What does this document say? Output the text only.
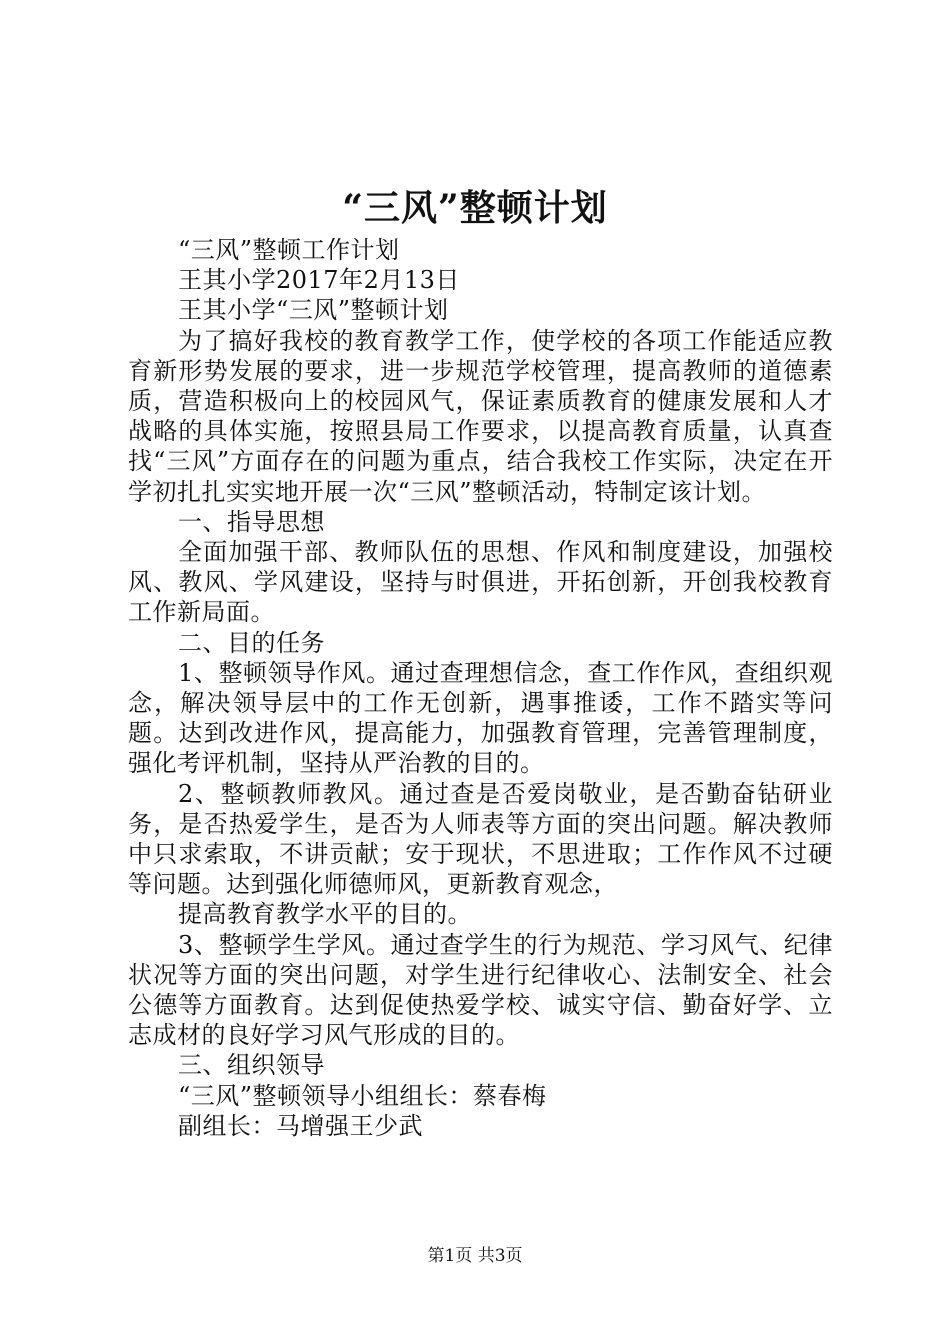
“三风”整顿计划

“三风”整顿工作计划

王其小学2017年2月13日

王其小学“三风”整顿计划

为了搞好我校的教育教学工作，使学校的各项工作能适应教育新形势发展的要求，进一步规范学校管理，提高教师的道德素质，营造积极向上的校园风气，保证素质教育的健康发展和人才战略的具体实施，按照县局工作要求，以提高教育质量，认真查找“三风”方面存在的问题为重点，结合我校工作实际，决定在开学初扎扎实实地开展一次“三风”整顿活动，特制定该计划。

一、指导思想

全面加强干部、教师队伍的思想、作风和制度建设，加强校风、教风、学风建设，坚持与时俱进，开拓创新，开创我校教育工作新局面。

二、目的任务

1、整顿领导作风。通过查理想信念，查工作作风，查组织观念，解决领导层中的工作无创新，遇事推诿，工作不踏实等问题。达到改进作风，提高能力，加强教育管理，完善管理制度，强化考评机制，坚持从严治教的目的。

2、整顿教师教风。通过查是否爱岗敬业，是否勤奋钻研业务，是否热爱学生，是否为人师表等方面的突出问题。解决教师中只求索取，不讲贡献；安于现状，不思进取；工作作风不过硬等问题。达到强化师德师风，更新教育观念，

提高教育教学水平的目的。

3、整顿学生学风。通过查学生的行为规范、学习风气、纪律状况等方面的突出问题，对学生进行纪律收心、法制安全、社会公德等方面教育。达到促使热爱学校、诚实守信、勤奋好学、立志成材的良好学习风气形成的目的。

三、组织领导

“三风”整顿领导小组组长：蔡春梅

副组长：马增强王少武

第1页 共3页
